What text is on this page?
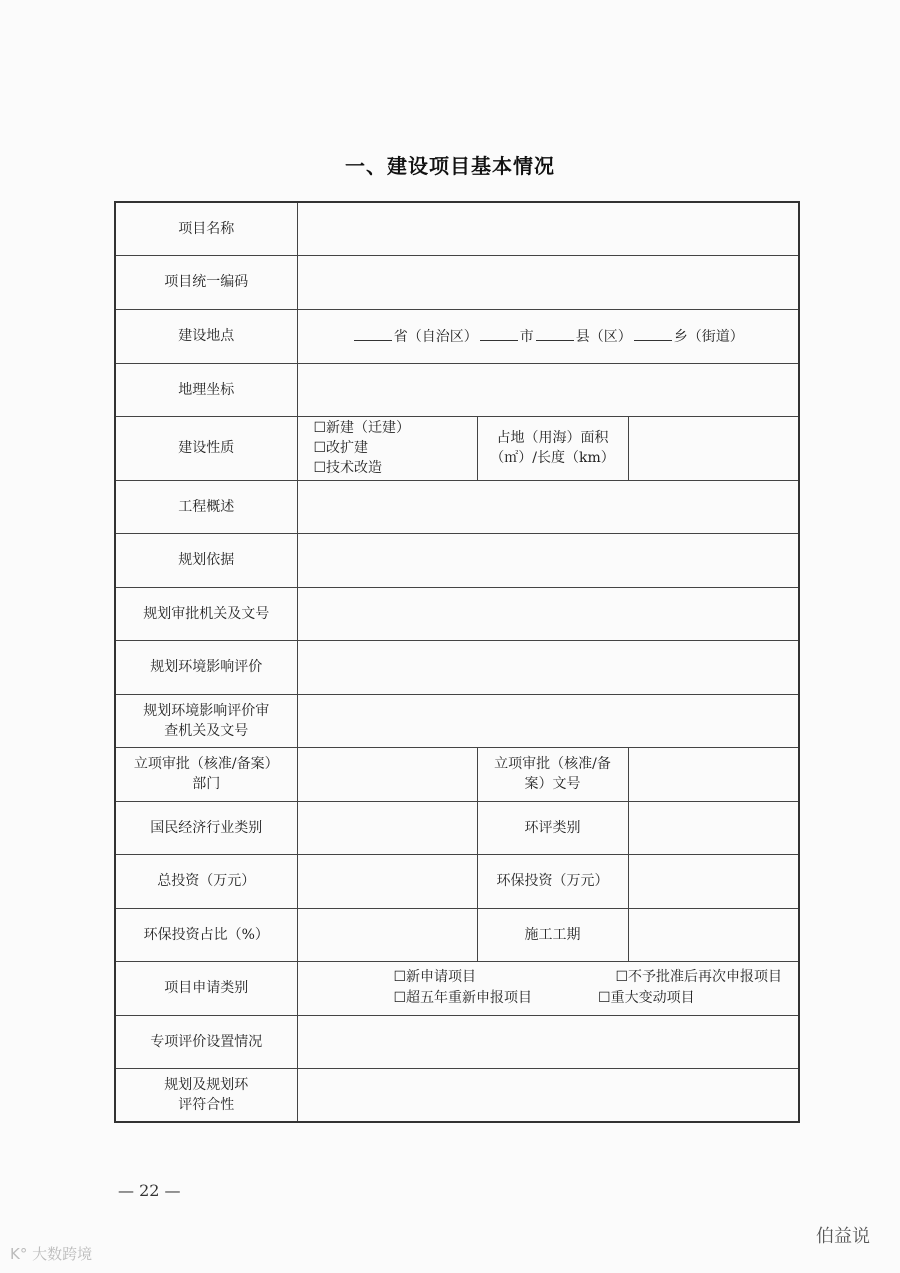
一、建设项目基本情况
项目名称			
项目统一编码			
建设地点	省（自治区） 市 县（区） 乡（街道）		
地理坐标			
建设性质	☐新建（迁建）
☐改扩建
☐技术改造	占地（用海）面积（㎡）/长度（km）	
工程概述			
规划依据			
规划审批机关及文号			
规划环境影响评价			
规划环境影响评价审查机关及文号			
立项审批（核准/备案）部门		立项审批（核准/备案）文号	
国民经济行业类别		环评类别	
总投资（万元）		环保投资（万元）	
环保投资占比（%）		施工工期	
项目申请类别	☐新申请项目 ☐不予批准后再次申报项目
☐超五年重新申报项目 ☐重大变动项目		

专项评价设置情况			
规划及规划环评符合性			
— 22 —
K° 大数跨境
伯益说
